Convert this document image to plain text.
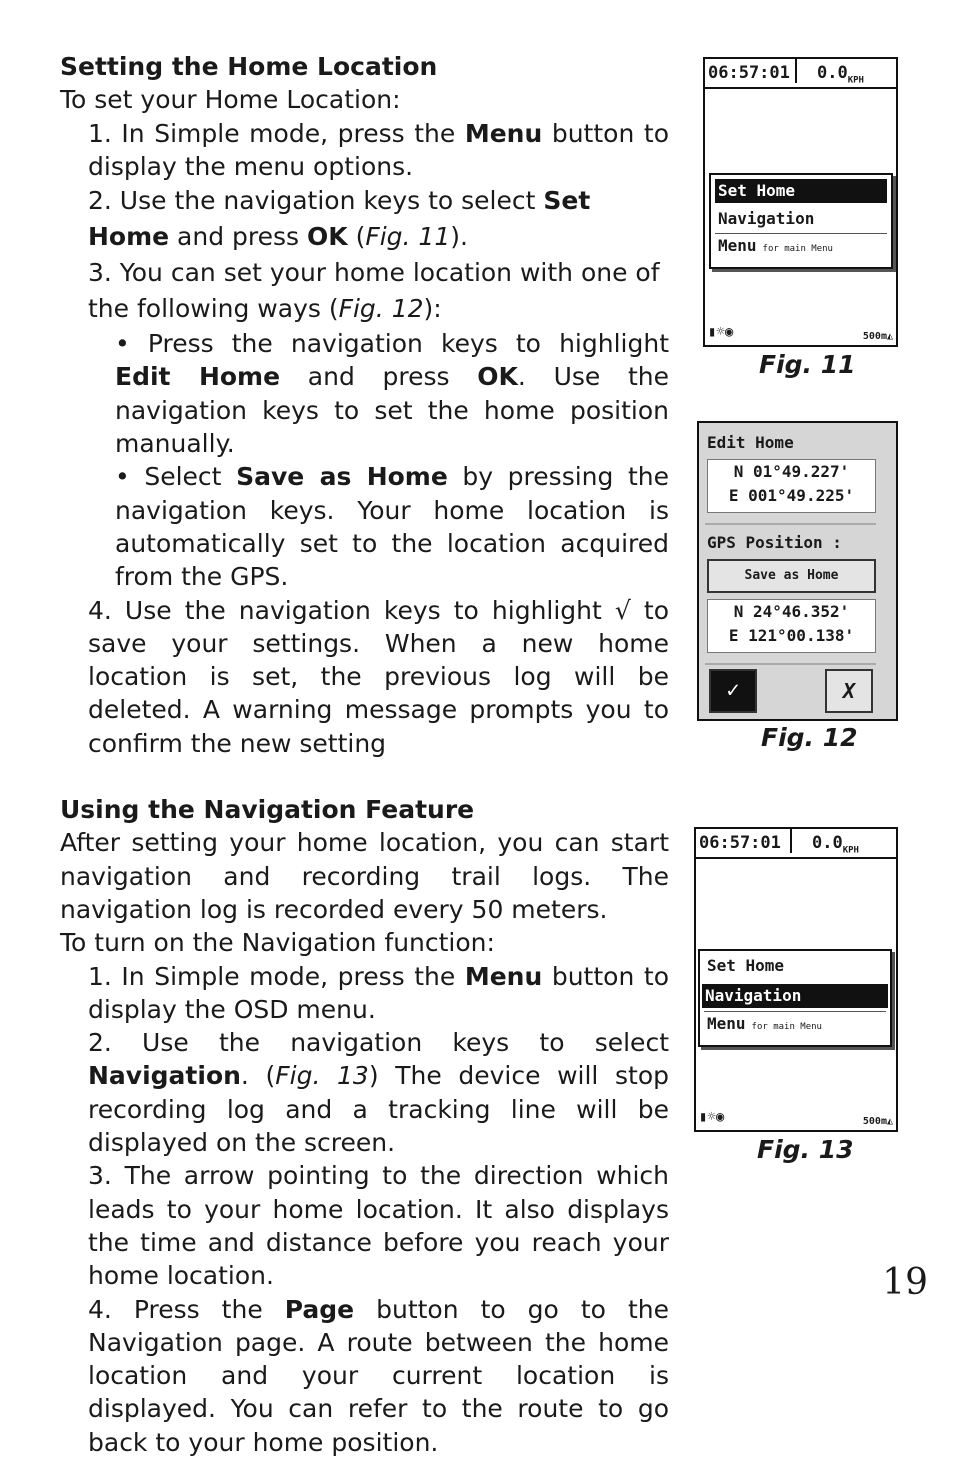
Setting the Home Location

To set your Home Location:

1. In Simple mode, press the Menu button to display the menu options.

2. Use the navigation keys to select Set Home and press OK (Fig. 11).

3. You can set your home location with one of the following ways (Fig. 12):

• Press the navigation keys to highlight Edit Home and press OK. Use the navigation keys to set the home position manually.

• Select Save as Home by pressing the navigation keys. Your home location is automatically set to the location acquired from the GPS.

4. Use the navigation keys to highlight √ to save your settings. When a new home location is set, the previous log will be deleted. A warning message prompts you to confirm the new setting

Using the Navigation Feature

After setting your home location, you can start navigation and recording trail logs. The navigation log is recorded every 50 meters.

To turn on the Navigation function:

1. In Simple mode, press the Menu button to display the OSD menu.

2. Use the navigation keys to select Navigation. (Fig. 13) The device will stop recording log and a tracking line will be displayed on the screen.

3. The arrow pointing to the direction which leads to your home location. It also displays the time and distance before you reach your home location.

4. Press the Page button to go to the Navigation page. A route between the home location and your current location is displayed. You can refer to the route to go back to your home position.

19
06:57:01	$0.0_{KPH}$
Set Home
Navigation
Menu for main Menu
▮☼◉	500m◭
Fig. 11
Edit Home
N 01°49.227'
E 001°49.225'
GPS Position :
Save as Home
N 24°46.352'
E 121°00.138'
✓	X
Fig. 12
06:57:01	$0.0_{KPH}$
Set Home
Navigation
Menu for main Menu
▮☼◉	500m◭
Fig. 13
